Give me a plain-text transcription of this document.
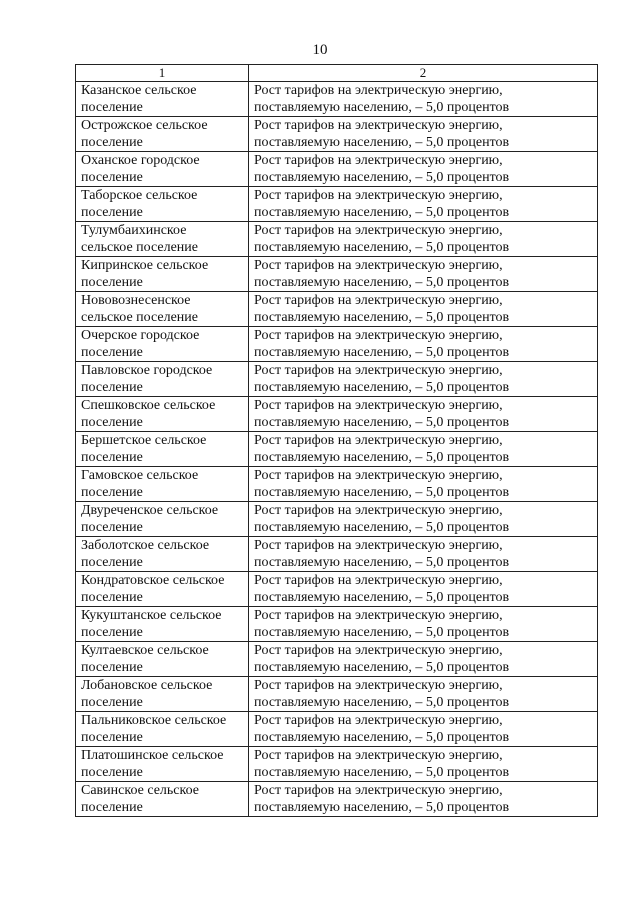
10
1	2

Казанское сельское
поселение	Рост тарифов на электрическую энергию,
поставляемую населению, – 5,0 процентов

Острожское сельское
поселение	Рост тарифов на электрическую энергию,
поставляемую населению, – 5,0 процентов

Оханское городское
поселение	Рост тарифов на электрическую энергию,
поставляемую населению, – 5,0 процентов

Таборское сельское
поселение	Рост тарифов на электрическую энергию,
поставляемую населению, – 5,0 процентов

Тулумбаихинское
сельское поселение	Рост тарифов на электрическую энергию,
поставляемую населению, – 5,0 процентов

Кипринское сельское
поселение	Рост тарифов на электрическую энергию,
поставляемую населению, – 5,0 процентов

Нововознесенское
сельское поселение	Рост тарифов на электрическую энергию,
поставляемую населению, – 5,0 процентов

Очерское городское
поселение	Рост тарифов на электрическую энергию,
поставляемую населению, – 5,0 процентов

Павловское городское
поселение	Рост тарифов на электрическую энергию,
поставляемую населению, – 5,0 процентов

Спешковское сельское
поселение	Рост тарифов на электрическую энергию,
поставляемую населению, – 5,0 процентов

Бершетское сельское
поселение	Рост тарифов на электрическую энергию,
поставляемую населению, – 5,0 процентов

Гамовское сельское
поселение	Рост тарифов на электрическую энергию,
поставляемую населению, – 5,0 процентов

Двуреченское сельское
поселение	Рост тарифов на электрическую энергию,
поставляемую населению, – 5,0 процентов

Заболотское сельское
поселение	Рост тарифов на электрическую энергию,
поставляемую населению, – 5,0 процентов

Кондратовское сельское
поселение	Рост тарифов на электрическую энергию,
поставляемую населению, – 5,0 процентов

Кукуштанское сельское
поселение	Рост тарифов на электрическую энергию,
поставляемую населению, – 5,0 процентов

Култаевское сельское
поселение	Рост тарифов на электрическую энергию,
поставляемую населению, – 5,0 процентов

Лобановское сельское
поселение	Рост тарифов на электрическую энергию,
поставляемую населению, – 5,0 процентов

Пальниковское сельское
поселение	Рост тарифов на электрическую энергию,
поставляемую населению, – 5,0 процентов

Платошинское сельское
поселение	Рост тарифов на электрическую энергию,
поставляемую населению, – 5,0 процентов

Савинское сельское
поселение	Рост тарифов на электрическую энергию,
поставляемую населению, – 5,0 процентов
